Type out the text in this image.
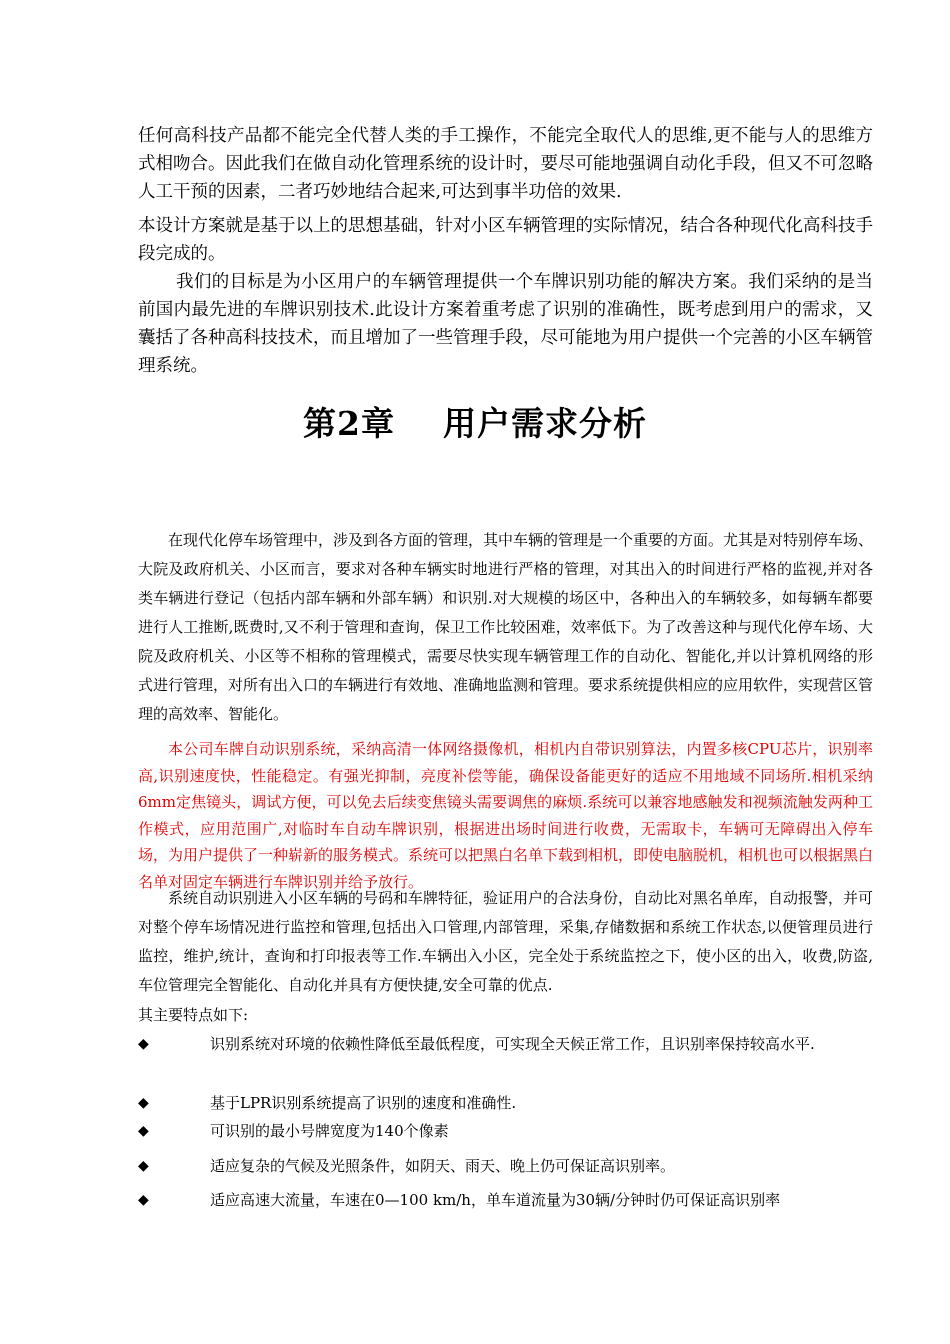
任何高科技产品都不能完全代替人类的手工操作，不能完全取代人的思维,更不能与人的思维方式相吻合。因此我们在做自动化管理系统的设计时，要尽可能地强调自动化手段，但又不可忽略人工干预的因素，二者巧妙地结合起来,可达到事半功倍的效果.

本设计方案就是基于以上的思想基础，针对小区车辆管理的实际情况，结合各种现代化高科技手段完成的。

我们的目标是为小区用户的车辆管理提供一个车牌识别功能的解决方案。我们采纳的是当前国内最先进的车牌识别技术.此设计方案着重考虑了识别的准确性，既考虑到用户的需求，又囊括了各种高科技技术，而且增加了一些管理手段，尽可能地为用户提供一个完善的小区车辆管理系统。

第2章 用户需求分析

在现代化停车场管理中，涉及到各方面的管理，其中车辆的管理是一个重要的方面。尤其是对特别停车场、大院及政府机关、小区而言，要求对各种车辆实时地进行严格的管理，对其出入的时间进行严格的监视,并对各类车辆进行登记（包括内部车辆和外部车辆）和识别.对大规模的场区中，各种出入的车辆较多，如每辆车都要进行人工推断,既费时,又不利于管理和查询，保卫工作比较困难，效率低下。为了改善这种与现代化停车场、大院及政府机关、小区等不相称的管理模式，需要尽快实现车辆管理工作的自动化、智能化,并以计算机网络的形式进行管理，对所有出入口的车辆进行有效地、准确地监测和管理。要求系统提供相应的应用软件，实现营区管理的高效率、智能化。

本公司车牌自动识别系统，采纳高清一体网络摄像机，相机内自带识别算法，内置多核CPU芯片，识别率高,识别速度快，性能稳定。有强光抑制，亮度补偿等能，确保设备能更好的适应不用地域不同场所.相机采纳6mm定焦镜头，调试方便，可以免去后续变焦镜头需要调焦的麻烦.系统可以兼容地感触发和视频流触发两种工作模式，应用范围广,对临时车自动车牌识别，根据进出场时间进行收费，无需取卡，车辆可无障碍出入停车场，为用户提供了一种崭新的服务模式。系统可以把黑白名单下载到相机，即使电脑脱机，相机也可以根据黑白名单对固定车辆进行车牌识别并给予放行。

系统自动识别进入小区车辆的号码和车牌特征，验证用户的合法身份，自动比对黑名单库，自动报警，并可对整个停车场情况进行监控和管理,包括出入口管理,内部管理，采集,存储数据和系统工作状态,以便管理员进行监控，维护,统计，查询和打印报表等工作.车辆出入小区，完全处于系统监控之下，使小区的出入，收费,防盗,车位管理完全智能化、自动化并具有方便快捷,安全可靠的优点.

其主要特点如下:

◆	识别系统对环境的依赖性降低至最低程度，可实现全天候正常工作，且识别率保持较高水平.
◆	基于LPR识别系统提高了识别的速度和准确性.
◆	可识别的最小号牌宽度为140个像素
◆	适应复杂的气候及光照条件，如阴天、雨天、晚上仍可保证高识别率。
◆	适应高速大流量，车速在0—100 km/h，单车道流量为30辆/分钟时仍可保证高识别率
